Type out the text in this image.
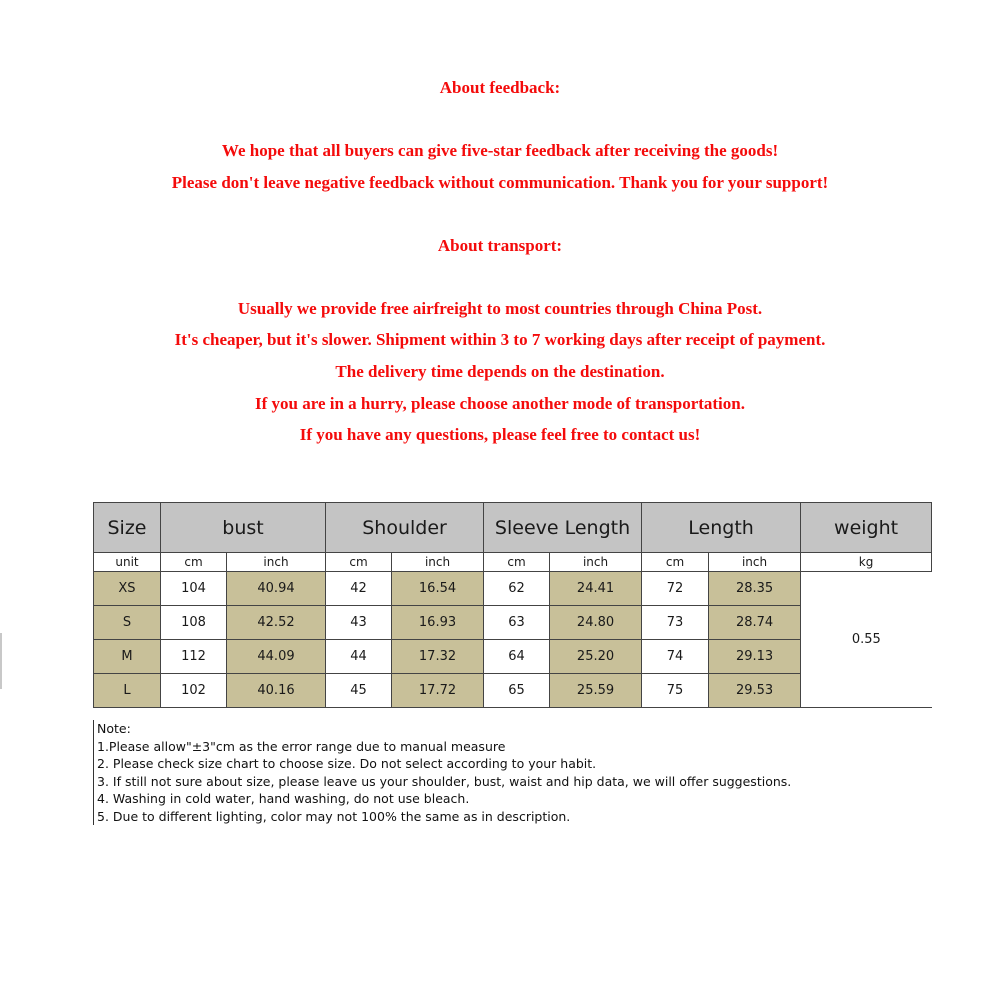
About feedback:
We hope that all buyers can give five-star feedback after receiving the goods!
Please don't leave negative feedback without communication. Thank you for your support!
About transport:
Usually we provide free airfreight to most countries through China Post.
It's cheaper, but it's slower. Shipment within 3 to 7 working days after receipt of payment.
The delivery time depends on the destination.
If you are in a hurry, please choose another mode of transportation.
If you have any questions, please feel free to contact us!
Size	bust		Shoulder		Sleeve Length		Length		weight
unit	cm	inch	cm	inch	cm	inch	cm	inch	kg
XS	104	40.94	42	16.54	62	24.41	72	28.35	0.55
S	108	42.52	43	16.93	63	24.80	73	28.74	
M	112	44.09	44	17.32	64	25.20	74	29.13	
L	102	40.16	45	17.72	65	25.59	75	29.53	
Note:
1.Please allow"±3"cm as the error range due to manual measure
2. Please check size chart to choose size. Do not select according to your habit.
3. If still not sure about size, please leave us your shoulder, bust, waist and hip data, we will offer suggestions.
4. Washing in cold water, hand washing, do not use bleach.
5. Due to different lighting, color may not 100% the same as in description.
